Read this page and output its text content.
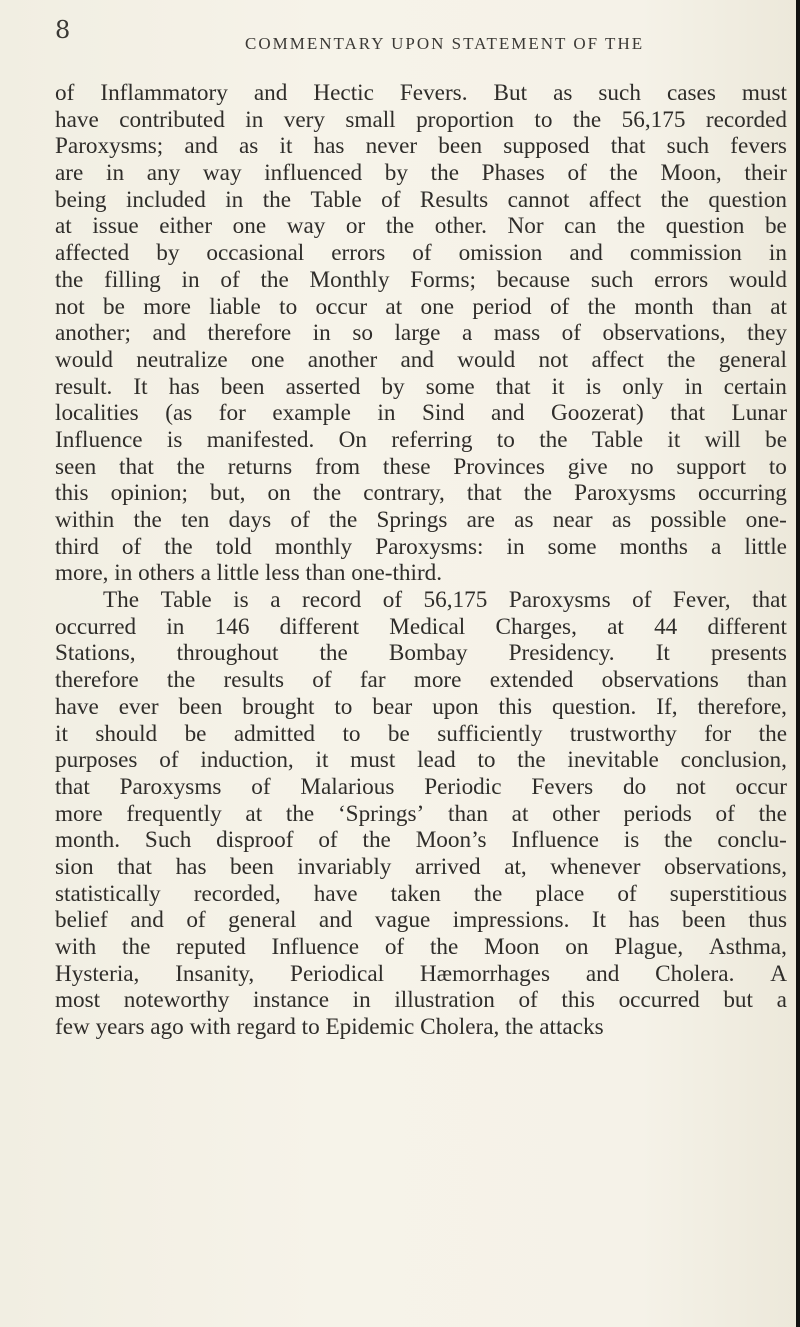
8	COMMENTARY UPON STATEMENT OF THE
of Inflammatory and Hectic Fevers. But as such cases must
have contributed in very small proportion to the 56,175 recorded
Paroxysms; and as it has never been supposed that such fevers
are in any way influenced by the Phases of the Moon, their
being included in the Table of Results cannot affect the question
at issue either one way or the other. Nor can the question be
affected by occasional errors of omission and commission in
the filling in of the Monthly Forms; because such errors would
not be more liable to occur at one period of the month than at
another; and therefore in so large a mass of observations, they
would neutralize one another and would not affect the general
result. It has been asserted by some that it is only in certain
localities (as for example in Sind and Goozerat) that Lunar
Influence is manifested. On referring to the Table it will be
seen that the returns from these Provinces give no support to
this opinion; but, on the contrary, that the Paroxysms occurring
within the ten days of the Springs are as near as possible one-
third of the told monthly Paroxysms: in some months a little
more, in others a little less than one-third.
The Table is a record of 56,175 Paroxysms of Fever, that
occurred in 146 different Medical Charges, at 44 different
Stations, throughout the Bombay Presidency. It presents
therefore the results of far more extended observations than
have ever been brought to bear upon this question. If, therefore,
it should be admitted to be sufficiently trustworthy for the
purposes of induction, it must lead to the inevitable conclusion,
that Paroxysms of Malarious Periodic Fevers do not occur
more frequently at the ‘Springs’ than at other periods of the
month. Such disproof of the Moon’s Influence is the conclu-
sion that has been invariably arrived at, whenever observations,
statistically recorded, have taken the place of superstitious
belief and of general and vague impressions. It has been thus
with the reputed Influence of the Moon on Plague, Asthma,
Hysteria, Insanity, Periodical Hæmorrhages and Cholera. A
most noteworthy instance in illustration of this occurred but a
few years ago with regard to Epidemic Cholera, the attacks
